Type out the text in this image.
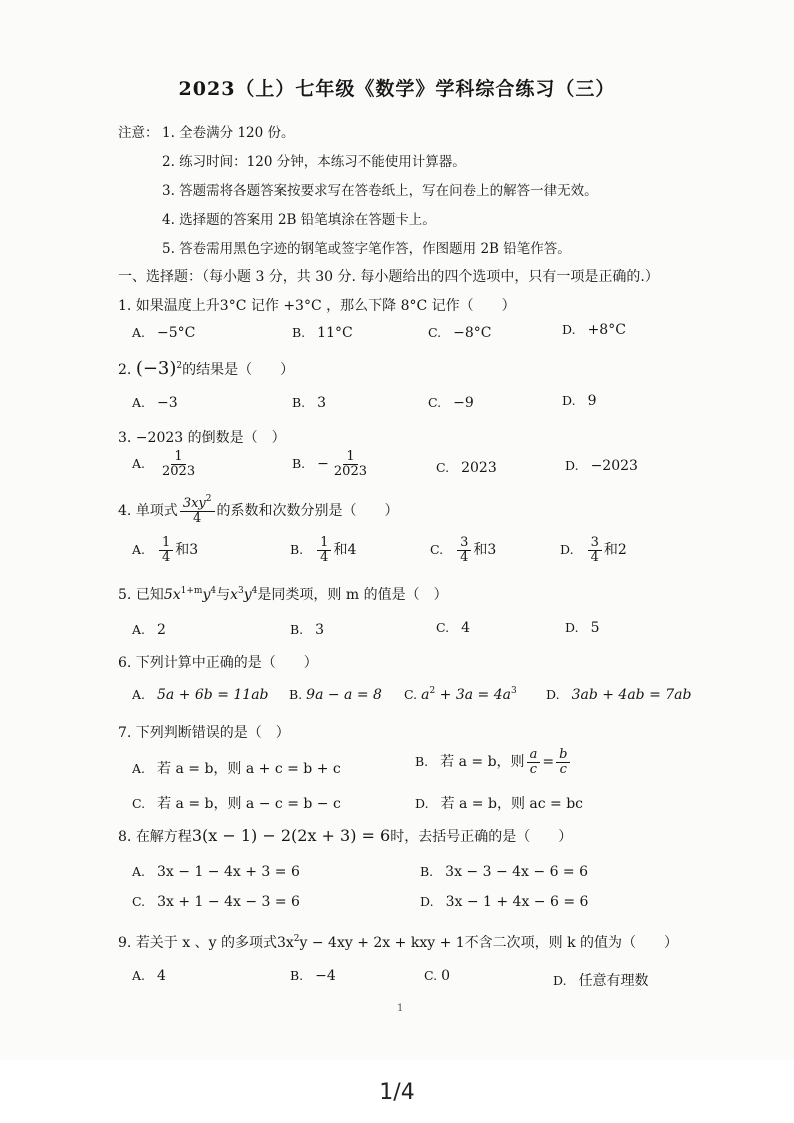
2023（上）七年级《数学》学科综合练习（三）
注意： 1. 全卷满分 120 份。
2. 练习时间：120 分钟，本练习不能使用计算器。
3. 答题需将各题答案按要求写在答卷纸上，写在问卷上的解答一律无效。
4. 选择题的答案用 2B 铅笔填涂在答题卡上。
5. 答卷需用黑色字迹的钢笔或签字笔作答，作图题用 2B 铅笔作答。
一、选择题：（每小题 3 分，共 30 分. 每小题给出的四个选项中，只有一项是正确的.）
1. 如果温度上升3°C 记作 +3°C ，那么下降 8°C 记作（　　）
A. −5°C	B. 11°C	C. −8°C	D. +8°C
2. $(-3)^2$的结果是（　　）
A. −3	B. 3	C. −9	D. 9
3. −2023 的倒数是（　）
A. $\frac{1}{2023}$	B. − $\frac{1}{2023}$	C. 2023	D. −2023
4. 单项式 $\frac{3xy^2}{4}$ 的系数和次数分别是（　　）
A. $\frac{1}{4}$ 和3	B. $\frac{1}{4}$ 和4	C. $\frac{3}{4}$ 和3	D. $\frac{3}{4}$ 和2
5. 已知$5x^{1+m}y^4$与$x^3y^4$是同类项，则 m 的值是（　）
A. 2	B. 3	C. 4	D. 5
6. 下列计算中正确的是（　　）
A. 5a + 6b = 11ab B. 9a − a = 8 C. $a^2 + 3a = 4a^3$ D. 3ab + 4ab = 7ab
7. 下列判断错误的是（　）
A. 若 a = b，则 a + c = b + c	B. 若 a = b，则 $\frac{a}{c} = \frac{b}{c}$
C. 若 a = b，则 a − c = b − c	D. 若 a = b，则 ac = bc
8. 在解方程3(x − 1) − 2(2x + 3) = 6时，去括号正确的是（　　）
A. 3x − 1 − 4x + 3 = 6	B. 3x − 3 − 4x − 6 = 6
C. 3x + 1 − 4x − 3 = 6	D. 3x − 1 + 4x − 6 = 6
9. 若关于 x 、y 的多项式$3x^2y - 4xy + 2x$ + kxy + 1不含二次项，则 k 的值为（　　）
A. 4	B. −4	C. 0	D. 任意有理数
1
1/4
